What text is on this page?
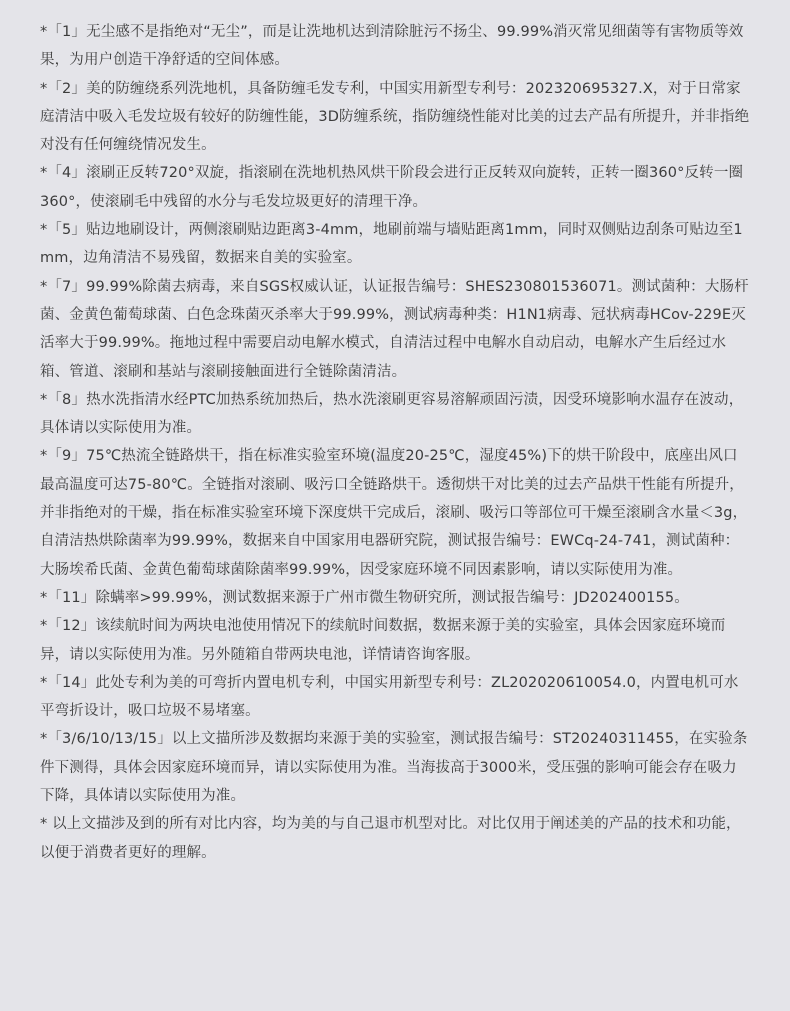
*「1」无尘感不是指绝对“无尘”，而是让洗地机达到清除脏污不扬尘、99.99%消灭常见细菌等有害物质等效果，为用户创造干净舒适的空间体感。

*「2」美的防缠绕系列洗地机，具备防缠毛发专利，中国实用新型专利号：202320695327.X，对于日常家庭清洁中吸入毛发垃圾有较好的防缠性能，3D防缠系统，指防缠绕性能对比美的过去产品有所提升，并非指绝对没有任何缠绕情况发生。

*「4」滚刷正反转720°双旋，指滚刷在洗地机热风烘干阶段会进行正反转双向旋转，正转一圈360°反转一圈360°，使滚刷毛中残留的水分与毛发垃圾更好的清理干净。

*「5」贴边地刷设计，两侧滚刷贴边距离3-4mm，地刷前端与墙贴距离1mm，同时双侧贴边刮条可贴边至1mm，边角清洁不易残留，数据来自美的实验室。

*「7」99.99%除菌去病毒，来自SGS权威认证，认证报告编号：SHES230801536071。测试菌种：大肠杆菌、金黄色葡萄球菌、白色念珠菌灭杀率大于99.99%，测试病毒种类：H1N1病毒、冠状病毒HCov-229E灭活率大于99.99%。拖地过程中需要启动电解水模式，自清洁过程中电解水自动启动，电解水产生后经过水箱、管道、滚刷和基站与滚刷接触面进行全链除菌清洁。

*「8」热水洗指清水经PTC加热系统加热后，热水洗滚刷更容易溶解顽固污渍，因受环境影响水温存在波动，具体请以实际使用为准。

*「9」75℃热流全链路烘干，指在标准实验室环境(温度20-25℃，湿度45%)下的烘干阶段中，底座出风口最高温度可达75-80℃。全链指对滚刷、吸污口全链路烘干。透彻烘干对比美的过去产品烘干性能有所提升，并非指绝对的干燥，指在标准实验室环境下深度烘干完成后，滚刷、吸污口等部位可干燥至滚刷含水量＜3g，自清洁热烘除菌率为99.99%，数据来自中国家用电器研究院，测试报告编号：EWCq-24-741，测试菌种：大肠埃希氏菌、金黄色葡萄球菌除菌率99.99%，因受家庭环境不同因素影响，请以实际使用为准。

*「11」除螨率>99.99%，测试数据来源于广州市微生物研究所，测试报告编号：JD202400155。

*「12」该续航时间为两块电池使用情况下的续航时间数据，数据来源于美的实验室，具体会因家庭环境而异，请以实际使用为准。另外随箱自带两块电池，详情请咨询客服。

*「14」此处专利为美的可弯折内置电机专利，中国实用新型专利号：ZL202020610054.0，内置电机可水平弯折设计，吸口垃圾不易堵塞。

*「3/6/10/13/15」以上文描所涉及数据均来源于美的实验室，测试报告编号：ST20240311455，在实验条件下测得，具体会因家庭环境而异，请以实际使用为准。当海拔高于3000米，受压强的影响可能会存在吸力下降，具体请以实际使用为准。

* 以上文描涉及到的所有对比内容，均为美的与自己退市机型对比。对比仅用于阐述美的产品的技术和功能，以便于消费者更好的理解。
